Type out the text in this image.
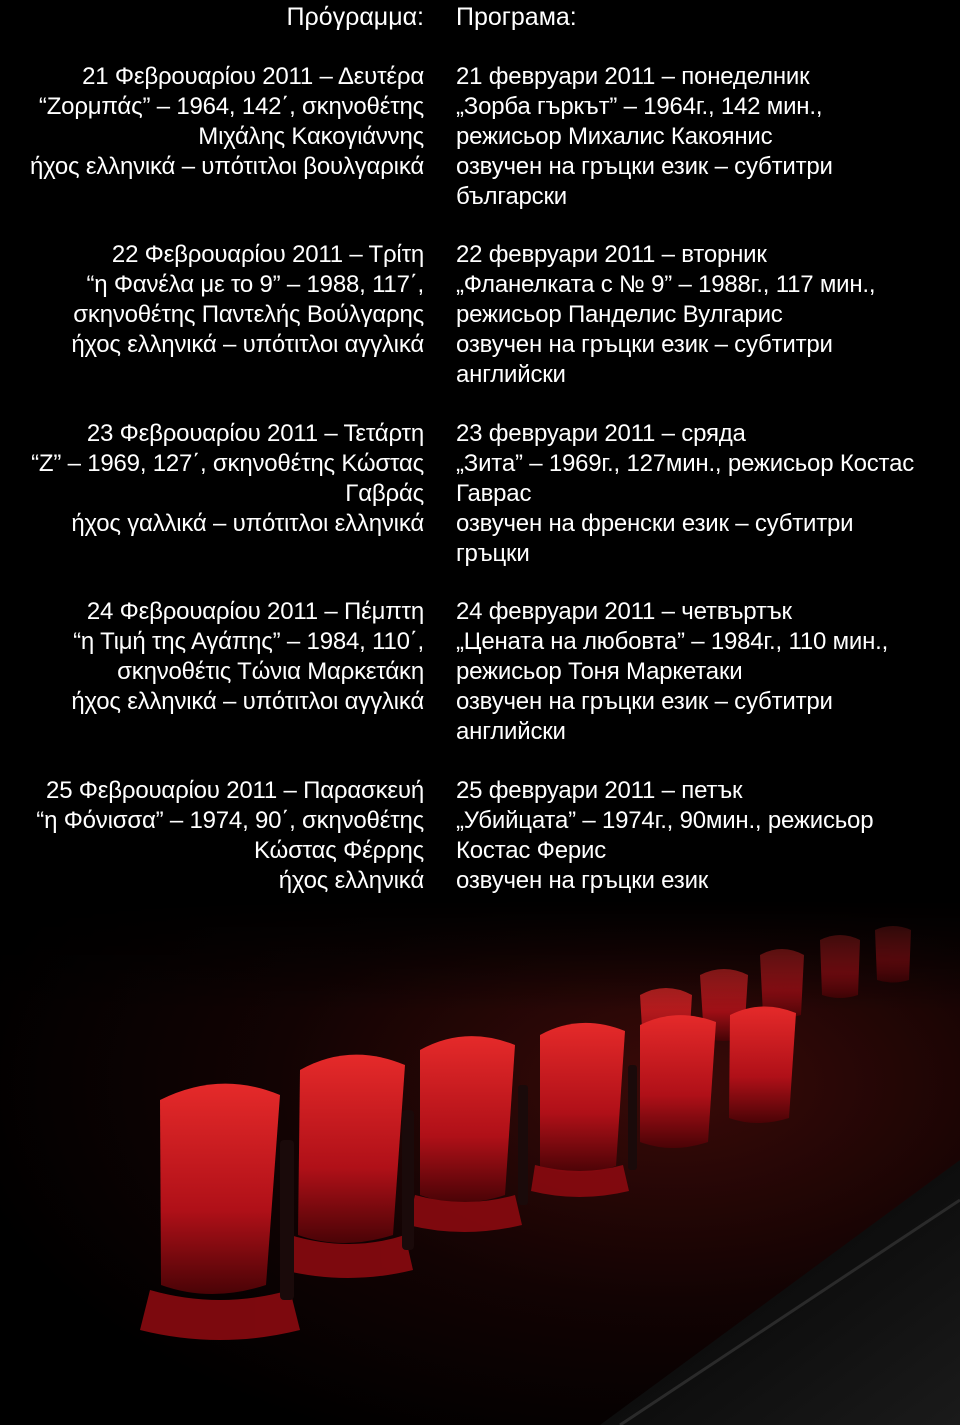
Πρόγραμμα: Програма:
21 Φεβρουαρίου 2011 – Δευτέρα
“Ζορμπάς” – 1964, 142΄, σκηνοθέτης
Μιχάλης Κακογιάννης
ήχος ελληνικά – υπότιτλοι βουλγαρικά
22 Φεβρουαρίου 2011 – Τρίτη
“η Φανέλα με το 9” – 1988, 117΄,
σκηνοθέτης Παντελής Βούλγαρης
ήχος ελληνικά – υπότιτλοι αγγλικά
23 Φεβρουαρίου 2011 – Τετάρτη
“Ζ” – 1969, 127΄, σκηνοθέτης Κώστας
Γαβράς
ήχος γαλλικά – υπότιτλοι ελληνικά
24 Φεβρουαρίου 2011 – Πέμπτη
“η Τιμή της Αγάπης” – 1984, 110΄,
σκηνοθέτις Τώνια Μαρκετάκη
ήχος ελληνικά – υπότιτλοι αγγλικά
25 Φεβρουαρίου 2011 – Παρασκευή
“η Φόνισσα” – 1974, 90΄, σκηνοθέτης
Κώστας Φέρρης
ήχος ελληνικά
21 февруари 2011 – понеделник
„Зорба гъркът” – 1964г., 142 мин.,
режисьор Михалис Какоянис
озвучен на гръцки език – субтитри
български
22 февруари 2011 – вторник
„Фланелката с № 9” – 1988г., 117 мин.,
режисьор Панделис Вулгарис
озвучен на гръцки език – субтитри
английски
23 февруари 2011 – сряда
„Зита” – 1969г., 127мин., режисьор Костас
Гаврас
озвучен на френски език – субтитри
гръцки
24 февруари 2011 – четвъртък
„Цената на любовта” – 1984г., 110 мин.,
режисьор Тоня Маркетаки
озвучен на гръцки език – субтитри
английски
25 февруари 2011 – петък
„Убийцата” – 1974г., 90мин., режисьор
Костас Ферис
озвучен на гръцки език
